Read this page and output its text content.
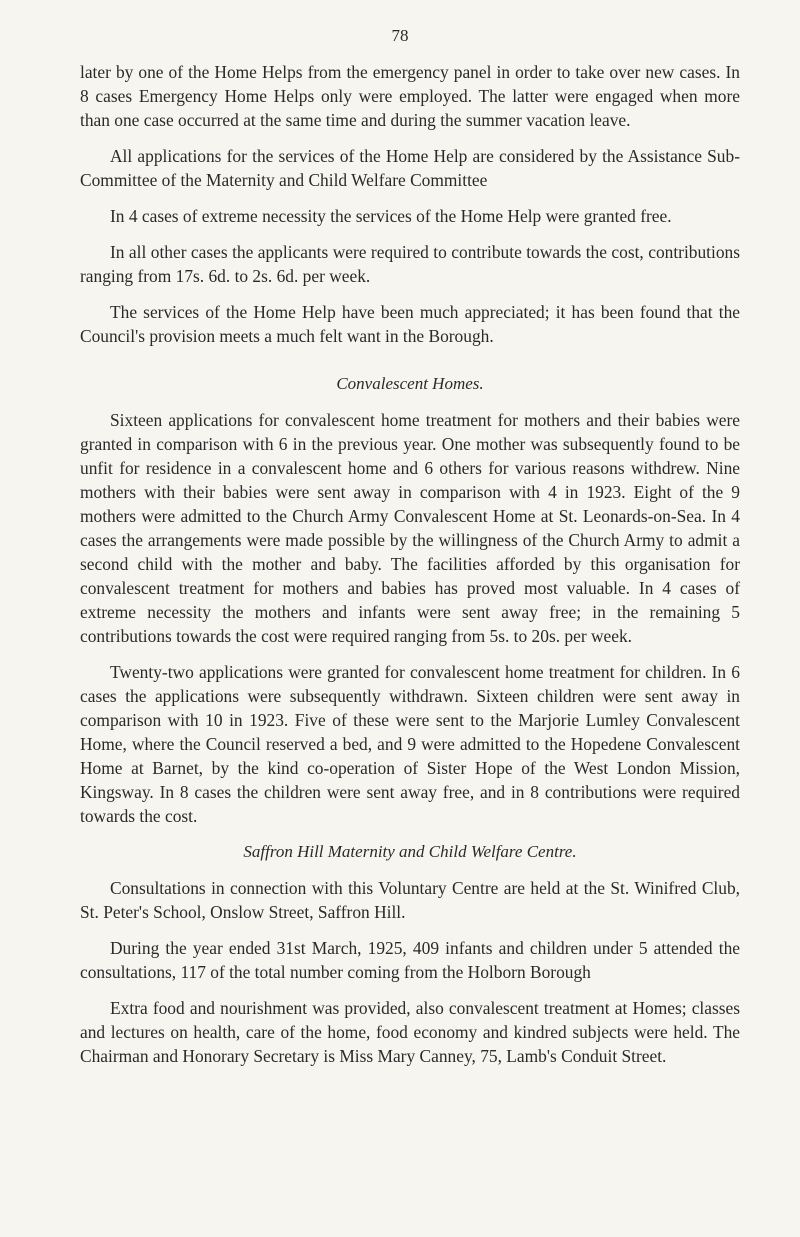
78

later by one of the Home Helps from the emergency panel in order to take over new cases. In 8 cases Emergency Home Helps only were employed. The latter were engaged when more than one case occurred at the same time and during the summer vacation leave.

All applications for the services of the Home Help are considered by the Assistance Sub-Committee of the Maternity and Child Welfare Committee

In 4 cases of extreme necessity the services of the Home Help were granted free.

In all other cases the applicants were required to contribute towards the cost, contributions ranging from 17s. 6d. to 2s. 6d. per week.

The services of the Home Help have been much appreciated; it has been found that the Council's provision meets a much felt want in the Borough.

Convalescent Homes.

Sixteen applications for convalescent home treatment for mothers and their babies were granted in comparison with 6 in the previous year. One mother was subsequently found to be unfit for residence in a convalescent home and 6 others for various reasons withdrew. Nine mothers with their babies were sent away in comparison with 4 in 1923. Eight of the 9 mothers were admitted to the Church Army Convalescent Home at St. Leonards-on-Sea. In 4 cases the arrangements were made possible by the willingness of the Church Army to admit a second child with the mother and baby. The facilities afforded by this organisation for convalescent treatment for mothers and babies has proved most valuable. In 4 cases of extreme necessity the mothers and infants were sent away free; in the remaining 5 contributions towards the cost were required ranging from 5s. to 20s. per week.

Twenty-two applications were granted for convalescent home treatment for children. In 6 cases the applications were subsequently withdrawn. Sixteen children were sent away in comparison with 10 in 1923. Five of these were sent to the Marjorie Lumley Convalescent Home, where the Council reserved a bed, and 9 were admitted to the Hopedene Convalescent Home at Barnet, by the kind co-operation of Sister Hope of the West London Mission, Kingsway. In 8 cases the children were sent away free, and in 8 contributions were required towards the cost.

Saffron Hill Maternity and Child Welfare Centre.

Consultations in connection with this Voluntary Centre are held at the St. Winifred Club, St. Peter's School, Onslow Street, Saffron Hill.

During the year ended 31st March, 1925, 409 infants and children under 5 attended the consultations, 117 of the total number coming from the Holborn Borough

Extra food and nourishment was provided, also convalescent treatment at Homes; classes and lectures on health, care of the home, food economy and kindred subjects were held. The Chairman and Honorary Secretary is Miss Mary Canney, 75, Lamb's Conduit Street.
